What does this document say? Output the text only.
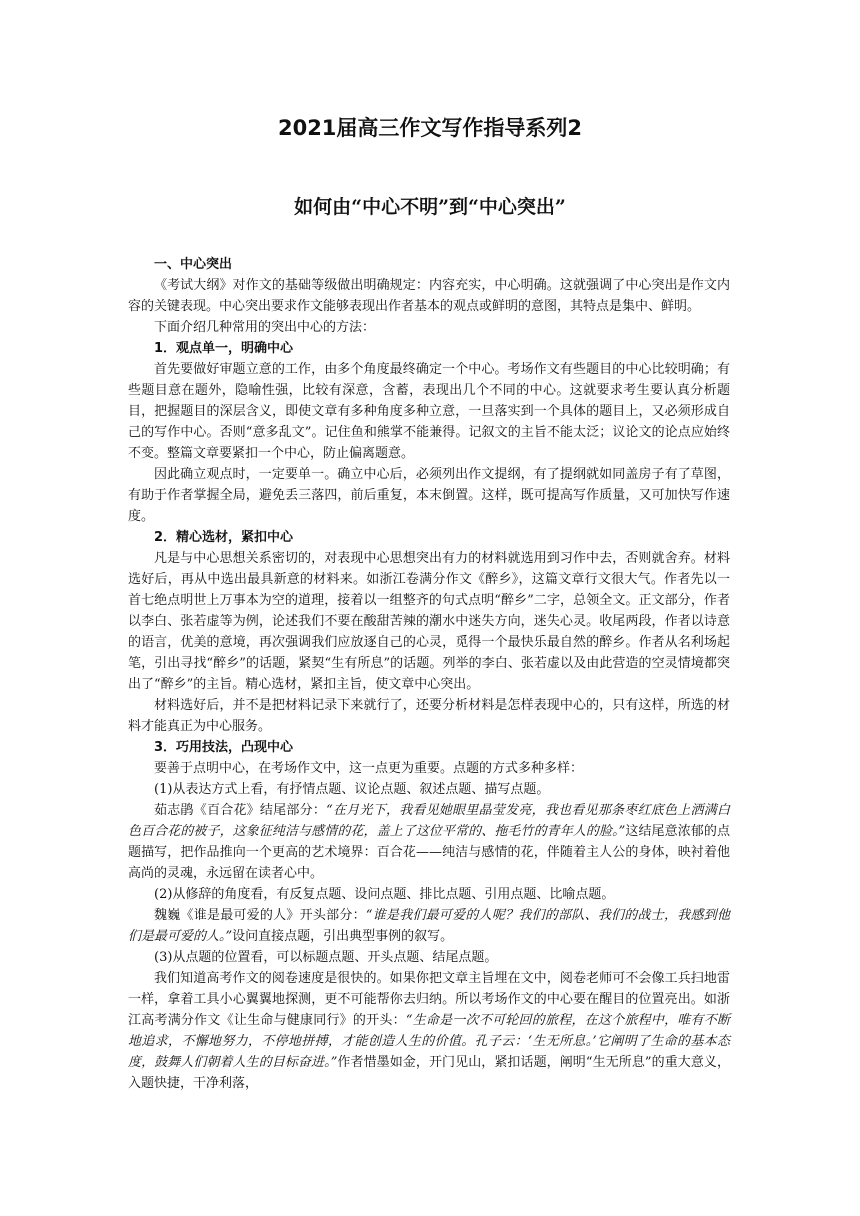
2021届高三作文写作指导系列2
如何由“中心不明”到“中心突出”

一、中心突出

《考试大纲》对作文的基础等级做出明确规定：内容充实，中心明确。这就强调了中心突出是作文内容的关键表现。中心突出要求作文能够表现出作者基本的观点或鲜明的意图，其特点是集中、鲜明。

下面介绍几种常用的突出中心的方法：

1．观点单一，明确中心

首先要做好审题立意的工作，由多个角度最终确定一个中心。考场作文有些题目的中心比较明确；有些题目意在题外，隐喻性强，比较有深意，含蓄，表现出几个不同的中心。这就要求考生要认真分析题目，把握题目的深层含义，即使文章有多种角度多种立意，一旦落实到一个具体的题目上，又必须形成自己的写作中心。否则“意多乱文”。记住鱼和熊掌不能兼得。记叙文的主旨不能太泛；议论文的论点应始终不变。整篇文章要紧扣一个中心，防止偏离题意。

因此确立观点时，一定要单一。确立中心后，必须列出作文提纲，有了提纲就如同盖房子有了草图，有助于作者掌握全局，避免丢三落四，前后重复，本末倒置。这样，既可提高写作质量，又可加快写作速度。

2．精心选材，紧扣中心

凡是与中心思想关系密切的，对表现中心思想突出有力的材料就选用到习作中去，否则就舍弃。材料选好后，再从中选出最具新意的材料来。如浙江卷满分作文《醉乡》，这篇文章行文很大气。作者先以一首七绝点明世上万事本为空的道理，接着以一组整齐的句式点明“醉乡”二字，总领全文。正文部分，作者以李白、张若虚等为例，论述我们不要在酸甜苦辣的潮水中迷失方向，迷失心灵。收尾两段，作者以诗意的语言，优美的意境，再次强调我们应放逐自己的心灵，觅得一个最快乐最自然的醉乡。作者从名利场起笔，引出寻找“醉乡”的话题，紧契“生有所息”的话题。列举的李白、张若虚以及由此营造的空灵情境都突出了“醉乡”的主旨。精心选材，紧扣主旨，使文章中心突出。

材料选好后，并不是把材料记录下来就行了，还要分析材料是怎样表现中心的，只有这样，所选的材料才能真正为中心服务。

3．巧用技法，凸现中心

要善于点明中心，在考场作文中，这一点更为重要。点题的方式多种多样：

(1)从表达方式上看，有抒情点题、议论点题、叙述点题、描写点题。

茹志鹃《百合花》结尾部分：“在月光下，我看见她眼里晶莹发亮，我也看见那条枣红底色上洒满白色百合花的被子，这象征纯洁与感情的花，盖上了这位平常的、拖毛竹的青年人的脸。”这结尾意浓郁的点题描写，把作品推向一个更高的艺术境界：百合花——纯洁与感情的花，伴随着主人公的身体，映衬着他高尚的灵魂，永远留在读者心中。

(2)从修辞的角度看，有反复点题、设问点题、排比点题、引用点题、比喻点题。

魏巍《谁是最可爱的人》开头部分：“谁是我们最可爱的人呢？我们的部队、我们的战士，我感到他们是最可爱的人。”设问直接点题，引出典型事例的叙写。

(3)从点题的位置看，可以标题点题、开头点题、结尾点题。

我们知道高考作文的阅卷速度是很快的。如果你把文章主旨埋在文中，阅卷老师可不会像工兵扫地雷一样，拿着工具小心翼翼地探测，更不可能帮你去归纳。所以考场作文的中心要在醒目的位置亮出。如浙江高考满分作文《让生命与健康同行》的开头：“生命是一次不可轮回的旅程，在这个旅程中，唯有不断地追求，不懈地努力，不停地拼搏，才能创造人生的价值。孔子云：‘生无所息。’它阐明了生命的基本态度，鼓舞人们朝着人生的目标奋进。”作者惜墨如金，开门见山，紧扣话题，阐明“生无所息”的重大意义，入题快捷，干净利落，
